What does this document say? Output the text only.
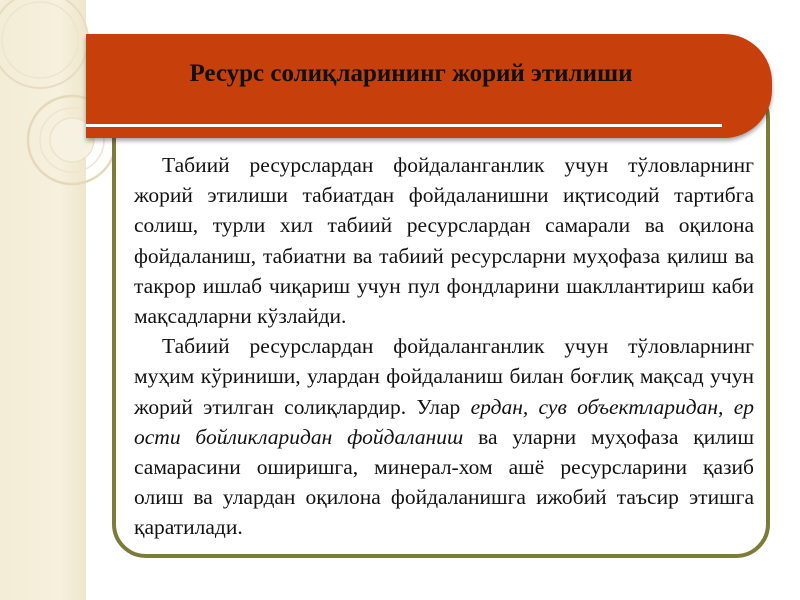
Ресурс солиқларининг жорий этилиши

Табиий ресурслардан фойдаланганлик учун тўловларнинг жорий этилиши табиатдан фойдаланишни иқтисодий тартибга солиш, турли хил табиий ресурслардан самарали ва оқилона фойдаланиш, табиатни ва табиий ресурсларни муҳофаза қилиш ва такрор ишлаб чиқариш учун пул фондларини шакллантириш каби мақсадларни кўзлайди.

Табиий ресурслардан фойдаланганлик учун тўловларнинг муҳим кўриниши, улардан фойдаланиш билан боғлиқ мақсад учун жорий этилган солиқлардир. Улар ердан, сув объектларидан, ер ости бойликларидан фойдаланиш ва уларни муҳофаза қилиш самарасини оширишга, минерал-хом ашё ресурсларини қазиб олиш ва улардан оқилона фойдаланишга ижобий таъсир этишга қаратилади.
